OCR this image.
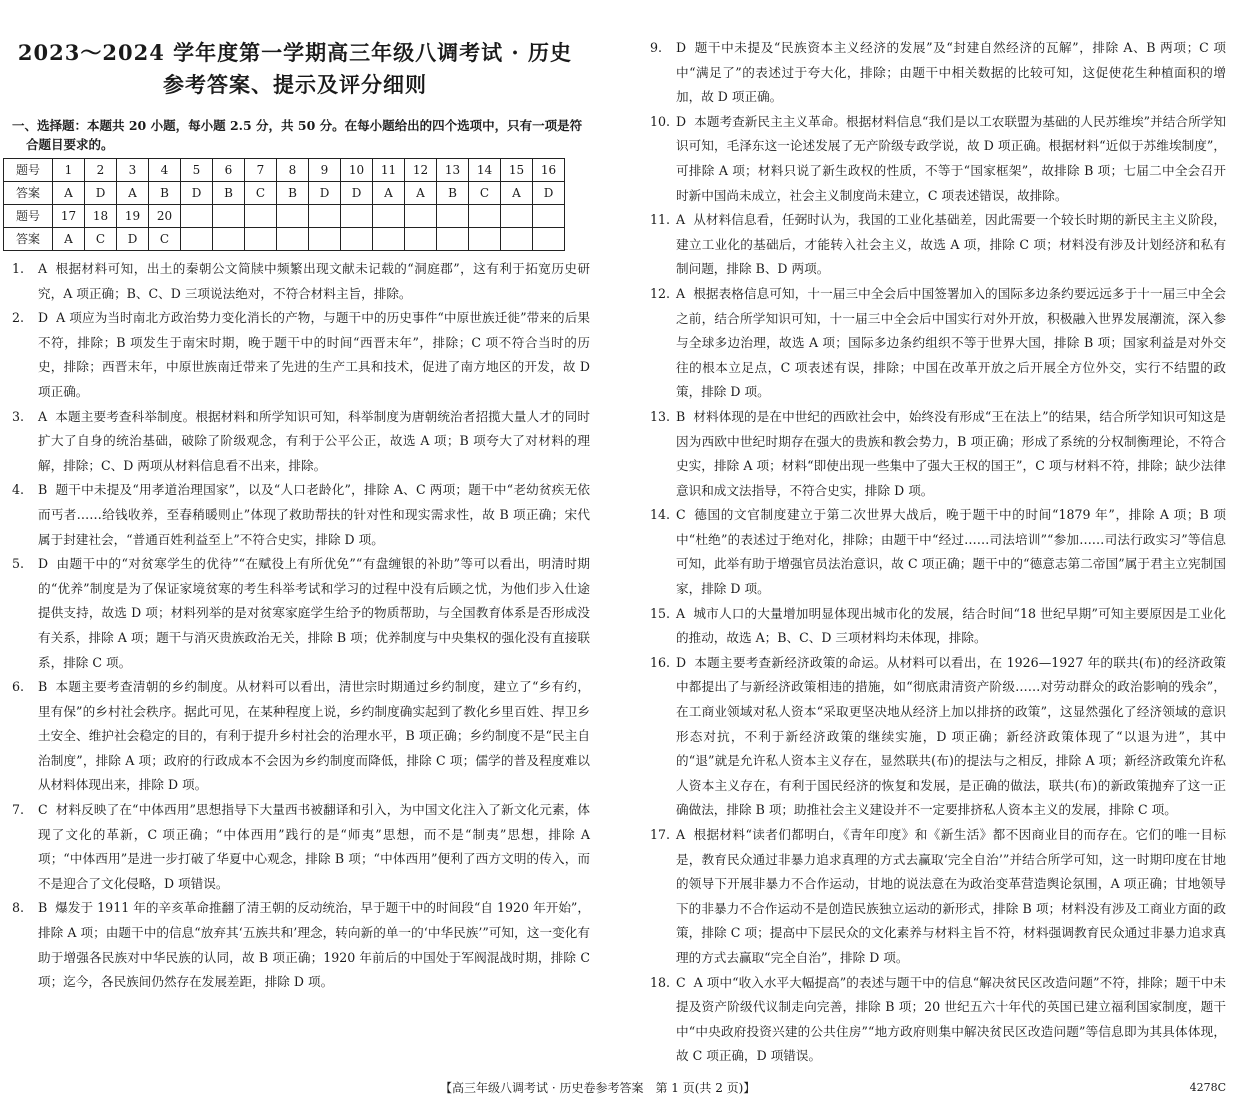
2023～2024 学年度第一学期高三年级八调考试 · 历史
参考答案、提示及评分细则
一、选择题：本题共 20 小题，每小题 2.5 分，共 50 分。在每小题给出的四个选项中，只有一项是符合题目要求的。
题号	1	2	3	4	5	6	7	8	9	10	11	12	13	14	15	16
答案	A	D	A	B	D	B	C	B	D	D	A	A	B	C	A	D
题号	17	18	19	20												
答案	A	C	D	C												
1. A 根据材料可知，出土的秦朝公文简牍中频繁出现文献未记载的“洞庭郡”，这有利于拓宽历史研究，A 项正确；B、C、D 三项说法绝对，不符合材料主旨，排除。
2. D A 项应为当时南北方政治势力变化消长的产物，与题干中的历史事件“中原世族迁徙”带来的后果不符，排除；B 项发生于南宋时期，晚于题干中的时间“西晋末年”，排除；C 项不符合当时的历史，排除；西晋末年，中原世族南迁带来了先进的生产工具和技术，促进了南方地区的开发，故 D 项正确。
3. A 本题主要考查科举制度。根据材料和所学知识可知，科举制度为唐朝统治者招揽大量人才的同时扩大了自身的统治基础，破除了阶级观念，有利于公平公正，故选 A 项；B 项夸大了对材料的理解，排除；C、D 两项从材料信息看不出来，排除。
4. B 题干中未提及“用孝道治理国家”，以及“人口老龄化”，排除 A、C 两项；题干中“老幼贫疾无依而丐者……给钱收养，至春稍暖则止”体现了救助帮扶的针对性和现实需求性，故 B 项正确；宋代属于封建社会，“普通百姓利益至上”不符合史实，排除 D 项。
5. D 由题干中的“对贫寒学生的优待”“在赋役上有所优免”“有盘缠银的补助”等可以看出，明清时期的“优养”制度是为了保证家境贫寒的考生科举考试和学习的过程中没有后顾之忧，为他们步入仕途提供支持，故选 D 项；材料列举的是对贫寒家庭学生给予的物质帮助，与全国教育体系是否形成没有关系，排除 A 项；题干与消灭贵族政治无关，排除 B 项；优养制度与中央集权的强化没有直接联系，排除 C 项。
6. B 本题主要考查清朝的乡约制度。从材料可以看出，清世宗时期通过乡约制度，建立了“乡有约，里有保”的乡村社会秩序。据此可见，在某种程度上说，乡约制度确实起到了教化乡里百姓、捍卫乡土安全、维护社会稳定的目的，有利于提升乡村社会的治理水平，B 项正确；乡约制度不是“民主自治制度”，排除 A 项；政府的行政成本不会因为乡约制度而降低，排除 C 项；儒学的普及程度难以从材料体现出来，排除 D 项。
7. C 材料反映了在“中体西用”思想指导下大量西书被翻译和引入，为中国文化注入了新文化元素，体现了文化的革新，C 项正确；“中体西用”践行的是“师夷”思想，而不是“制夷”思想，排除 A 项；“中体西用”是进一步打破了华夏中心观念，排除 B 项；“中体西用”便利了西方文明的传入，而不是迎合了文化侵略，D 项错误。
8. B 爆发于 1911 年的辛亥革命推翻了清王朝的反动统治，早于题干中的时间段“自 1920 年开始”，排除 A 项；由题干中的信息“放弃其‘五族共和’理念，转向新的单一的‘中华民族’”可知，这一变化有助于增强各民族对中华民族的认同，故 B 项正确；1920 年前后的中国处于军阀混战时期，排除 C 项；迄今，各民族间仍然存在发展差距，排除 D 项。
9. D 题干中未提及“民族资本主义经济的发展”及“封建自然经济的瓦解”，排除 A、B 两项；C 项中“满足了”的表述过于夸大化，排除；由题干中相关数据的比较可知，这促使花生种植面积的增加，故 D 项正确。
10. D 本题考查新民主主义革命。根据材料信息“我们是以工农联盟为基础的人民苏维埃”并结合所学知识可知，毛泽东这一论述发展了无产阶级专政学说，故 D 项正确。根据材料“近似于苏维埃制度”，可排除 A 项；材料只说了新生政权的性质，不等于“国家框架”，故排除 B 项；七届二中全会召开时新中国尚未成立，社会主义制度尚未建立，C 项表述错误，故排除。
11. A 从材料信息看，任弼时认为，我国的工业化基础差，因此需要一个较长时期的新民主主义阶段，建立工业化的基础后，才能转入社会主义，故选 A 项，排除 C 项；材料没有涉及计划经济和私有制问题，排除 B、D 两项。
12. A 根据表格信息可知，十一届三中全会后中国签署加入的国际多边条约要远远多于十一届三中全会之前，结合所学知识可知，十一届三中全会后中国实行对外开放，积极融入世界发展潮流，深入参与全球多边治理，故选 A 项；国际多边条约组织不等于世界大国，排除 B 项；国家利益是对外交往的根本立足点，C 项表述有误，排除；中国在改革开放之后开展全方位外交，实行不结盟的政策，排除 D 项。
13. B 材料体现的是在中世纪的西欧社会中，始终没有形成“王在法上”的结果，结合所学知识可知这是因为西欧中世纪时期存在强大的贵族和教会势力，B 项正确；形成了系统的分权制衡理论，不符合史实，排除 A 项；材料“即使出现一些集中了强大王权的国王”，C 项与材料不符，排除；缺少法律意识和成文法指导，不符合史实，排除 D 项。
14. C 德国的文官制度建立于第二次世界大战后，晚于题干中的时间“1879 年”，排除 A 项；B 项中“杜绝”的表述过于绝对化，排除；由题干中“经过……司法培训”“参加……司法行政实习”等信息可知，此举有助于增强官员法治意识，故 C 项正确；题干中的“德意志第二帝国”属于君主立宪制国家，排除 D 项。
15. A 城市人口的大量增加明显体现出城市化的发展，结合时间“18 世纪早期”可知主要原因是工业化的推动，故选 A；B、C、D 三项材料均未体现，排除。
16. D 本题主要考查新经济政策的命运。从材料可以看出，在 1926—1927 年的联共(布)的经济政策中都提出了与新经济政策相违的措施，如“彻底肃清资产阶级……对劳动群众的政治影响的残余”，在工商业领域对私人资本“采取更坚决地从经济上加以排挤的政策”，这显然强化了经济领域的意识形态对抗，不利于新经济政策的继续实施，D 项正确；新经济政策体现了“以退为进”，其中的“退”就是允许私人资本主义存在，显然联共(布)的提法与之相反，排除 A 项；新经济政策允许私人资本主义存在，有利于国民经济的恢复和发展，是正确的做法，联共(布)的新政策抛弃了这一正确做法，排除 B 项；助推社会主义建设并不一定要排挤私人资本主义的发展，排除 C 项。
17. A 根据材料“读者们都明白，《青年印度》和《新生活》都不因商业目的而存在。它们的唯一目标是，教育民众通过非暴力追求真理的方式去赢取‘完全自治’”并结合所学可知，这一时期印度在甘地的领导下开展非暴力不合作运动，甘地的说法意在为政治变革营造舆论氛围，A 项正确；甘地领导下的非暴力不合作运动不是创造民族独立运动的新形式，排除 B 项；材料没有涉及工商业方面的政策，排除 C 项；提高中下层民众的文化素养与材料主旨不符，材料强调教育民众通过非暴力追求真理的方式去赢取“完全自治”，排除 D 项。
18. C A 项中“收入水平大幅提高”的表述与题干中的信息“解决贫民区改造问题”不符，排除；题干中未提及资产阶级代议制走向完善，排除 B 项；20 世纪五六十年代的英国已建立福利国家制度，题干中“中央政府投资兴建的公共住房”“地方政府则集中解决贫民区改造问题”等信息即为其具体体现，故 C 项正确，D 项错误。
【高三年级八调考试 · 历史卷参考答案　第 1 页(共 2 页)】	4278C
